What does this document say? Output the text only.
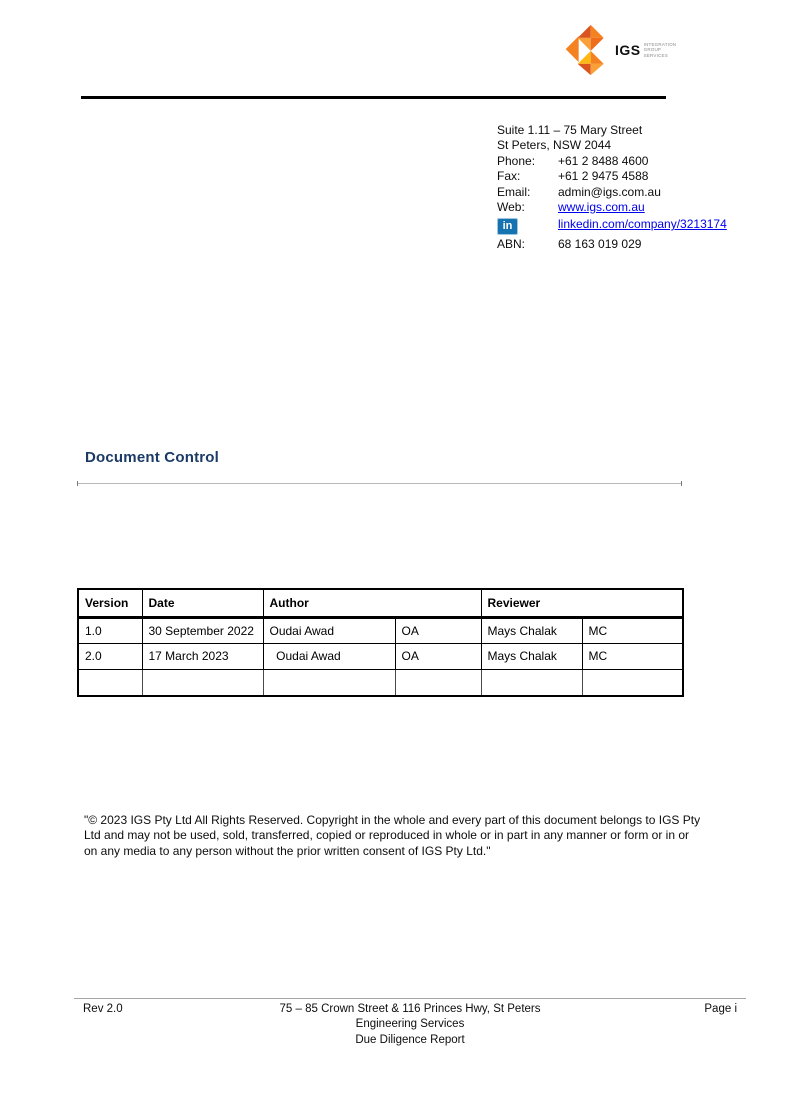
IGS INTEGRATION
GROUP
SERVICES
Suite 1.11 – 75 Mary Street
St Peters, NSW 2044
Phone: +61 2 8488 4600
Fax:	+61 2 9475 4588
Email: admin@igs.com.au
Web:	www.igs.com.au
in	linkedin.com/company/3213174
ABN:	68 163 019 029
Document Control
Version	Date	Author		Reviewer	
1.0	30 September 2022	Oudai Awad	OA	Mays Chalak	MC
2.0	17 March 2023	Oudai Awad	OA	Mays Chalak	MC

"© 2023 IGS Pty Ltd All Rights Reserved. Copyright in the whole and every part of this document belongs to IGS Pty Ltd and may not be used, sold, transferred, copied or reproduced in whole or in part in any manner or form or in or on any media to any person without the prior written consent of IGS Pty Ltd."
Rev 2.0	75 – 85 Crown Street & 116 Princes Hwy, St Peters
Engineering Services
Due Diligence Report
Page i
